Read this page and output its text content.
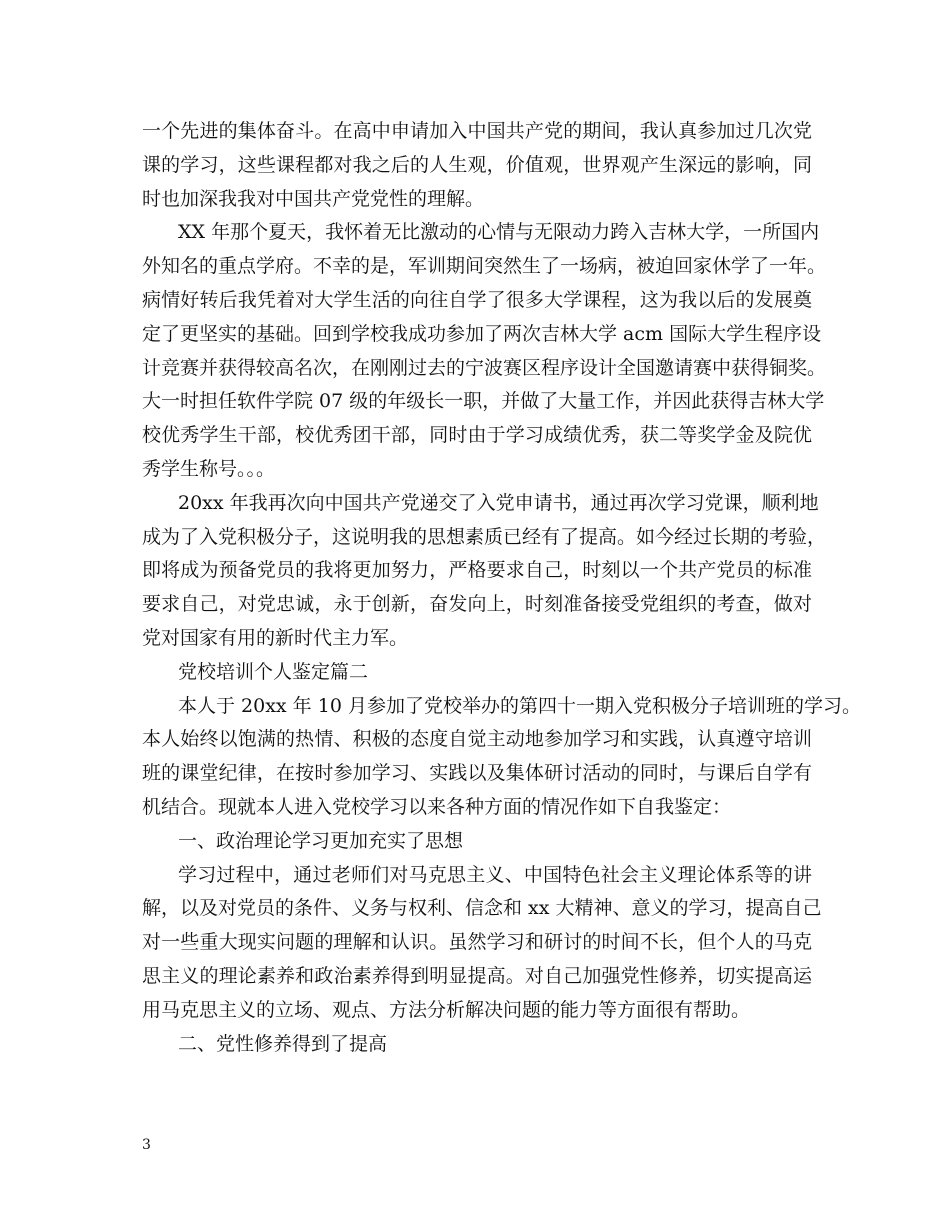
一个先进的集体奋斗。在高中申请加入中国共产党的期间，我认真参加过几次党
课的学习，这些课程都对我之后的人生观，价值观，世界观产生深远的影响，同
时也加深我我对中国共产党党性的理解。
XX 年那个夏天，我怀着无比激动的心情与无限动力跨入吉林大学，一所国内
外知名的重点学府。不幸的是，军训期间突然生了一场病，被迫回家休学了一年。
病情好转后我凭着对大学生活的向往自学了很多大学课程，这为我以后的发展奠
定了更坚实的基础。回到学校我成功参加了两次吉林大学 acm 国际大学生程序设
计竞赛并获得较高名次，在刚刚过去的宁波赛区程序设计全国邀请赛中获得铜奖。
大一时担任软件学院 07 级的年级长一职，并做了大量工作，并因此获得吉林大学
校优秀学生干部，校优秀团干部，同时由于学习成绩优秀，获二等奖学金及院优
秀学生称号。。。
20xx 年我再次向中国共产党递交了入党申请书，通过再次学习党课，顺利地
成为了入党积极分子，这说明我的思想素质已经有了提高。如今经过长期的考验，
即将成为预备党员的我将更加努力，严格要求自己，时刻以一个共产党员的标准
要求自己，对党忠诚，永于创新，奋发向上，时刻准备接受党组织的考查，做对
党对国家有用的新时代主力军。
党校培训个人鉴定篇二
本人于 20xx 年 10 月参加了党校举办的第四十一期入党积极分子培训班的学习。
本人始终以饱满的热情、积极的态度自觉主动地参加学习和实践，认真遵守培训
班的课堂纪律，在按时参加学习、实践以及集体研讨活动的同时，与课后自学有
机结合。现就本人进入党校学习以来各种方面的情况作如下自我鉴定：
一、政治理论学习更加充实了思想
学习过程中，通过老师们对马克思主义、中国特色社会主义理论体系等的讲
解，以及对党员的条件、义务与权利、信念和 xx 大精神、意义的学习，提高自己
对一些重大现实问题的理解和认识。虽然学习和研讨的时间不长，但个人的马克
思主义的理论素养和政治素养得到明显提高。对自己加强党性修养，切实提高运
用马克思主义的立场、观点、方法分析解决问题的能力等方面很有帮助。
二、党性修养得到了提高
3
